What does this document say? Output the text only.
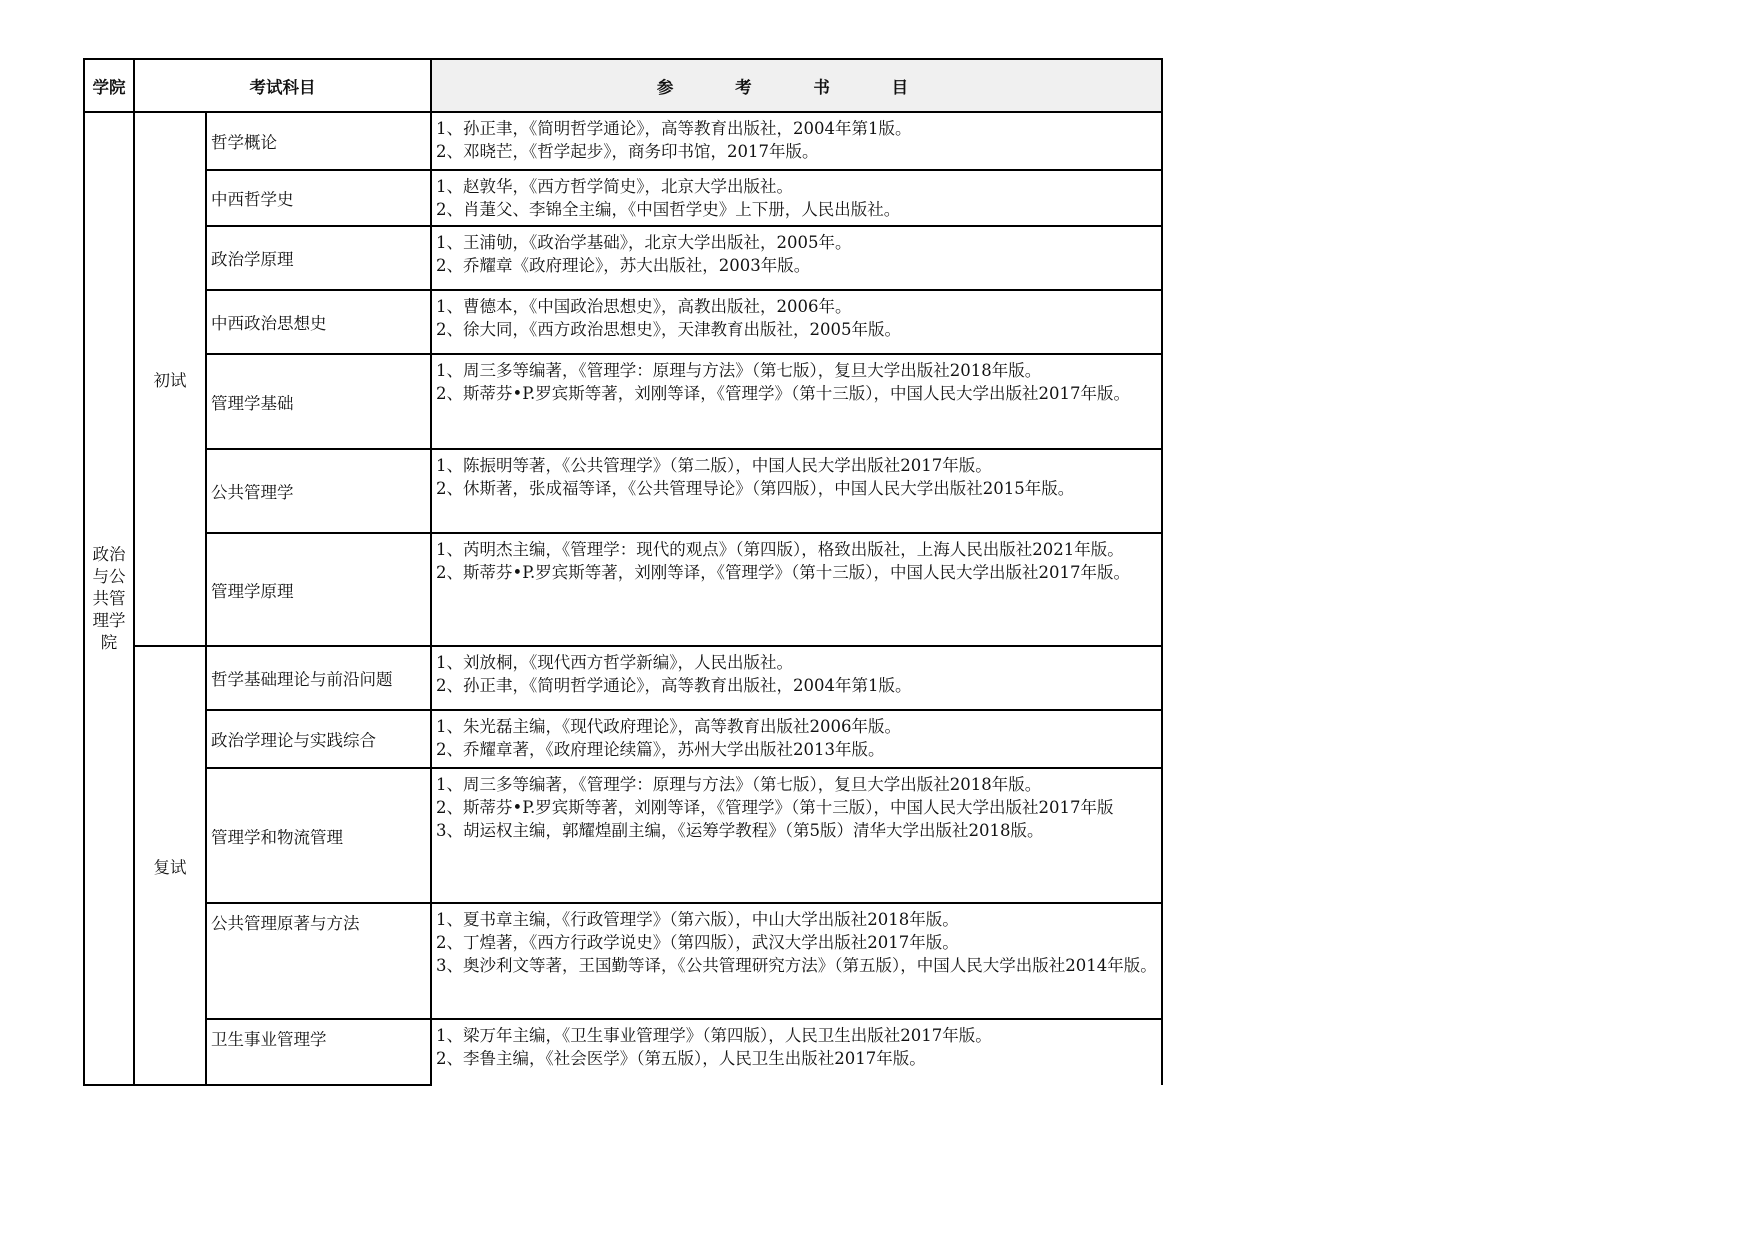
学院	考试科目		参 考 书 目

政治与公共管理学院	初试	哲学概论	1、孙正聿，《简明哲学通论》，高等教育出版社，2004年第1版。
2、邓晓芒，《哲学起步》，商务印书馆，2017年版。

		中西哲学史	1、赵敦华，《西方哲学简史》，北京大学出版社。
2、肖萐父、李锦全主编，《中国哲学史》上下册，人民出版社。

		政治学原理	1、王浦劬，《政治学基础》，北京大学出版社，2005年。
2、乔耀章《政府理论》，苏大出版社，2003年版。

		中西政治思想史	1、曹德本，《中国政治思想史》，高教出版社，2006年。
2、徐大同，《西方政治思想史》，天津教育出版社，2005年版。

		管理学基础	1、周三多等编著，《管理学：原理与方法》（第七版），复旦大学出版社2018年版。
2、斯蒂芬•P.罗宾斯等著，刘刚等译，《管理学》（第十三版），中国人民大学出版社2017年版。

		公共管理学	1、陈振明等著，《公共管理学》（第二版），中国人民大学出版社2017年版。
2、休斯著，张成福等译，《公共管理导论》（第四版），中国人民大学出版社2015年版。

		管理学原理	1、芮明杰主编，《管理学：现代的观点》（第四版），格致出版社，上海人民出版社2021年版。
2、斯蒂芬•P.罗宾斯等著，刘刚等译，《管理学》（第十三版），中国人民大学出版社2017年版。

	复试	哲学基础理论与前沿问题	1、刘放桐，《现代西方哲学新编》，人民出版社。
2、孙正聿，《简明哲学通论》，高等教育出版社，2004年第1版。

		政治学理论与实践综合	1、朱光磊主编，《现代政府理论》，高等教育出版社2006年版。
2、乔耀章著，《政府理论续篇》，苏州大学出版社2013年版。

		管理学和物流管理	1、周三多等编著，《管理学：原理与方法》（第七版），复旦大学出版社2018年版。
2、斯蒂芬•P.罗宾斯等著，刘刚等译，《管理学》（第十三版），中国人民大学出版社2017年版
3、胡运权主编，郭耀煌副主编，《运筹学教程》（第5版）清华大学出版社2018版。

		公共管理原著与方法	1、夏书章主编，《行政管理学》（第六版），中山大学出版社2018年版。
2、丁煌著，《西方行政学说史》（第四版），武汉大学出版社2017年版。
3、奥沙利文等著，王国勤等译，《公共管理研究方法》（第五版），中国人民大学出版社2014年版。

		卫生事业管理学	1、梁万年主编，《卫生事业管理学》（第四版），人民卫生出版社2017年版。
2、李鲁主编，《社会医学》（第五版），人民卫生出版社2017年版。
